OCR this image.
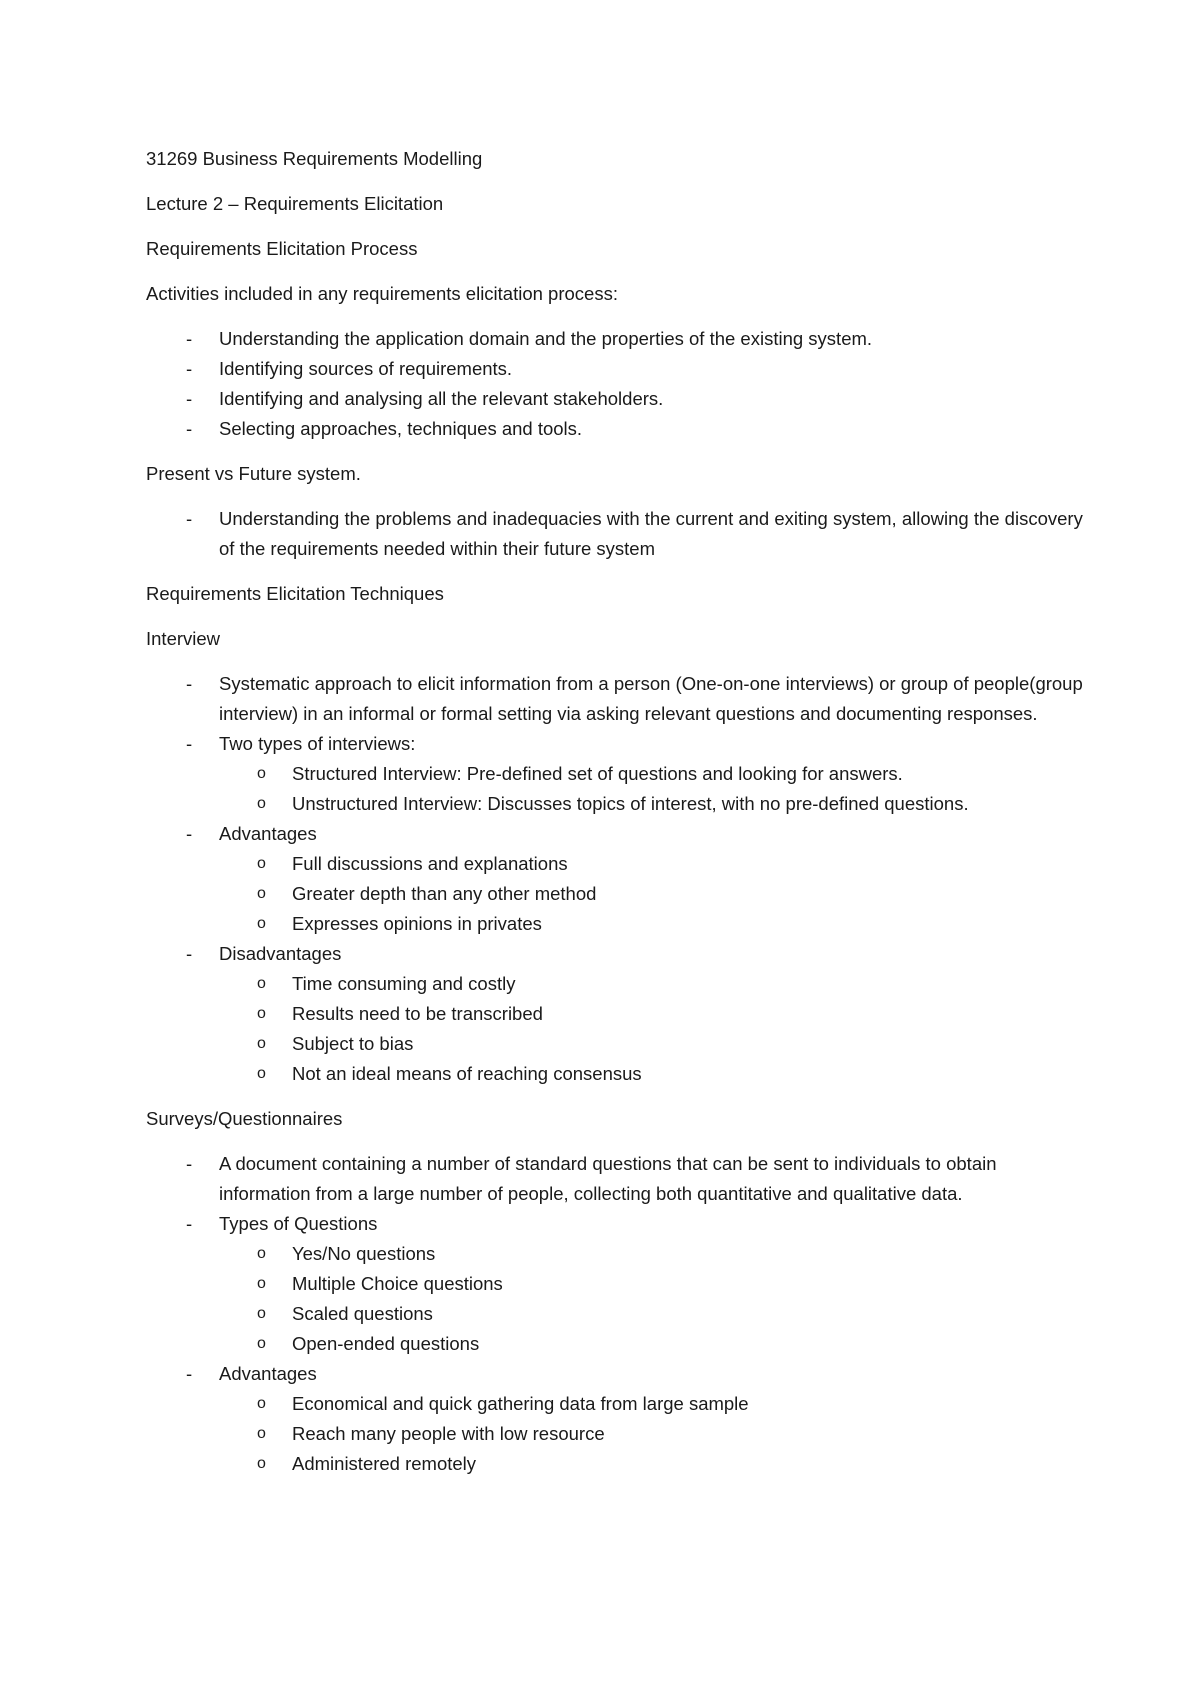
31269 Business Requirements Modelling

Lecture 2 – Requirements Elicitation

Requirements Elicitation Process

Activities included in any requirements elicitation process:

- Understanding the application domain and the properties of the existing system.
- Identifying sources of requirements.
- Identifying and analysing all the relevant stakeholders.
- Selecting approaches, techniques and tools.

Present vs Future system.

- Understanding the problems and inadequacies with the current and exiting system, allowing the discovery of the requirements needed within their future system

Requirements Elicitation Techniques

Interview

- Systematic approach to elicit information from a person (One-on-one interviews) or group of people(group interview) in an informal or formal setting via asking relevant questions and documenting responses.
- Two types of interviews:
o Structured Interview: Pre-defined set of questions and looking for answers.
o Unstructured Interview: Discusses topics of interest, with no pre-defined questions.
- Advantages
o Full discussions and explanations
o Greater depth than any other method
o Expresses opinions in privates
- Disadvantages
o Time consuming and costly
o Results need to be transcribed
o Subject to bias
o Not an ideal means of reaching consensus

Surveys/Questionnaires

- A document containing a number of standard questions that can be sent to individuals to obtain information from a large number of people, collecting both quantitative and qualitative data.
- Types of Questions
o Yes/No questions
o Multiple Choice questions
o Scaled questions
o Open-ended questions
- Advantages
o Economical and quick gathering data from large sample
o Reach many people with low resource
o Administered remotely
